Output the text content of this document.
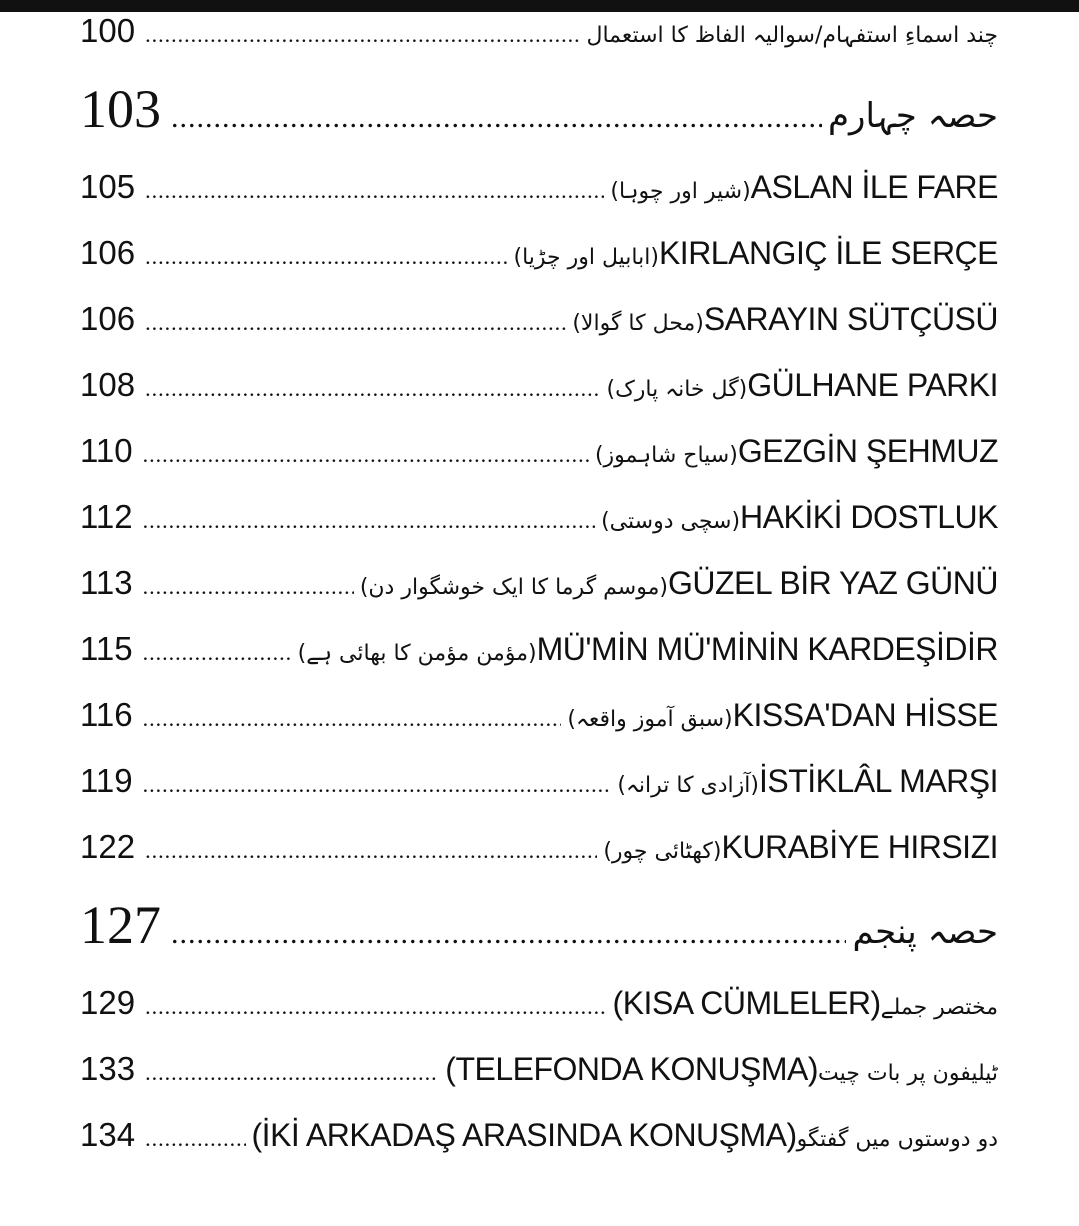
100 .....	چند اسماءِ استفہام/سوالیہ الفاظ کا استعمال
103 .....	حصہ چہارم
105 .....	(شیر اور چوہا)ASLAN İLE FARE
106 .....	(ابابیل اور چڑیا)KIRLANGIÇ İLE SERÇE
106 .....	(محل کا گوالا)SARAYIN SÜTÇÜSÜ
108 .....	(گل خانہ پارک)GÜLHANE PARKI
110 .....	(سیاح شاہموز)GEZGİN ŞEHMUZ
112 .....	(سچی دوستی)HAKİKİ DOSTLUK
113 .....	(موسم گرما کا ایک خوشگوار دن)GÜZEL BİR YAZ GÜNÜ
115 .....	(مؤمن مؤمن کا بھائی ہے)MÜ'MİN MÜ'MİNİN KARDEŞİDİR
116 .....	(سبق آموز واقعہ)KISSA'DAN HİSSE
119 .....	(آزادی کا ترانہ)İSTİKLÂL MARŞI
122 .....	(کھٹائی چور)KURABİYE HIRSIZI
127 .....	حصہ پنجم
129 .....	(KISA CÜMLELER)مختصر جملے
133 .....	(TELEFONDA KONUŞMA)ٹیلیفون پر بات چیت
134 .....	(İKİ ARKADAŞ ARASINDA KONUŞMA)دو دوستوں میں گفتگو
